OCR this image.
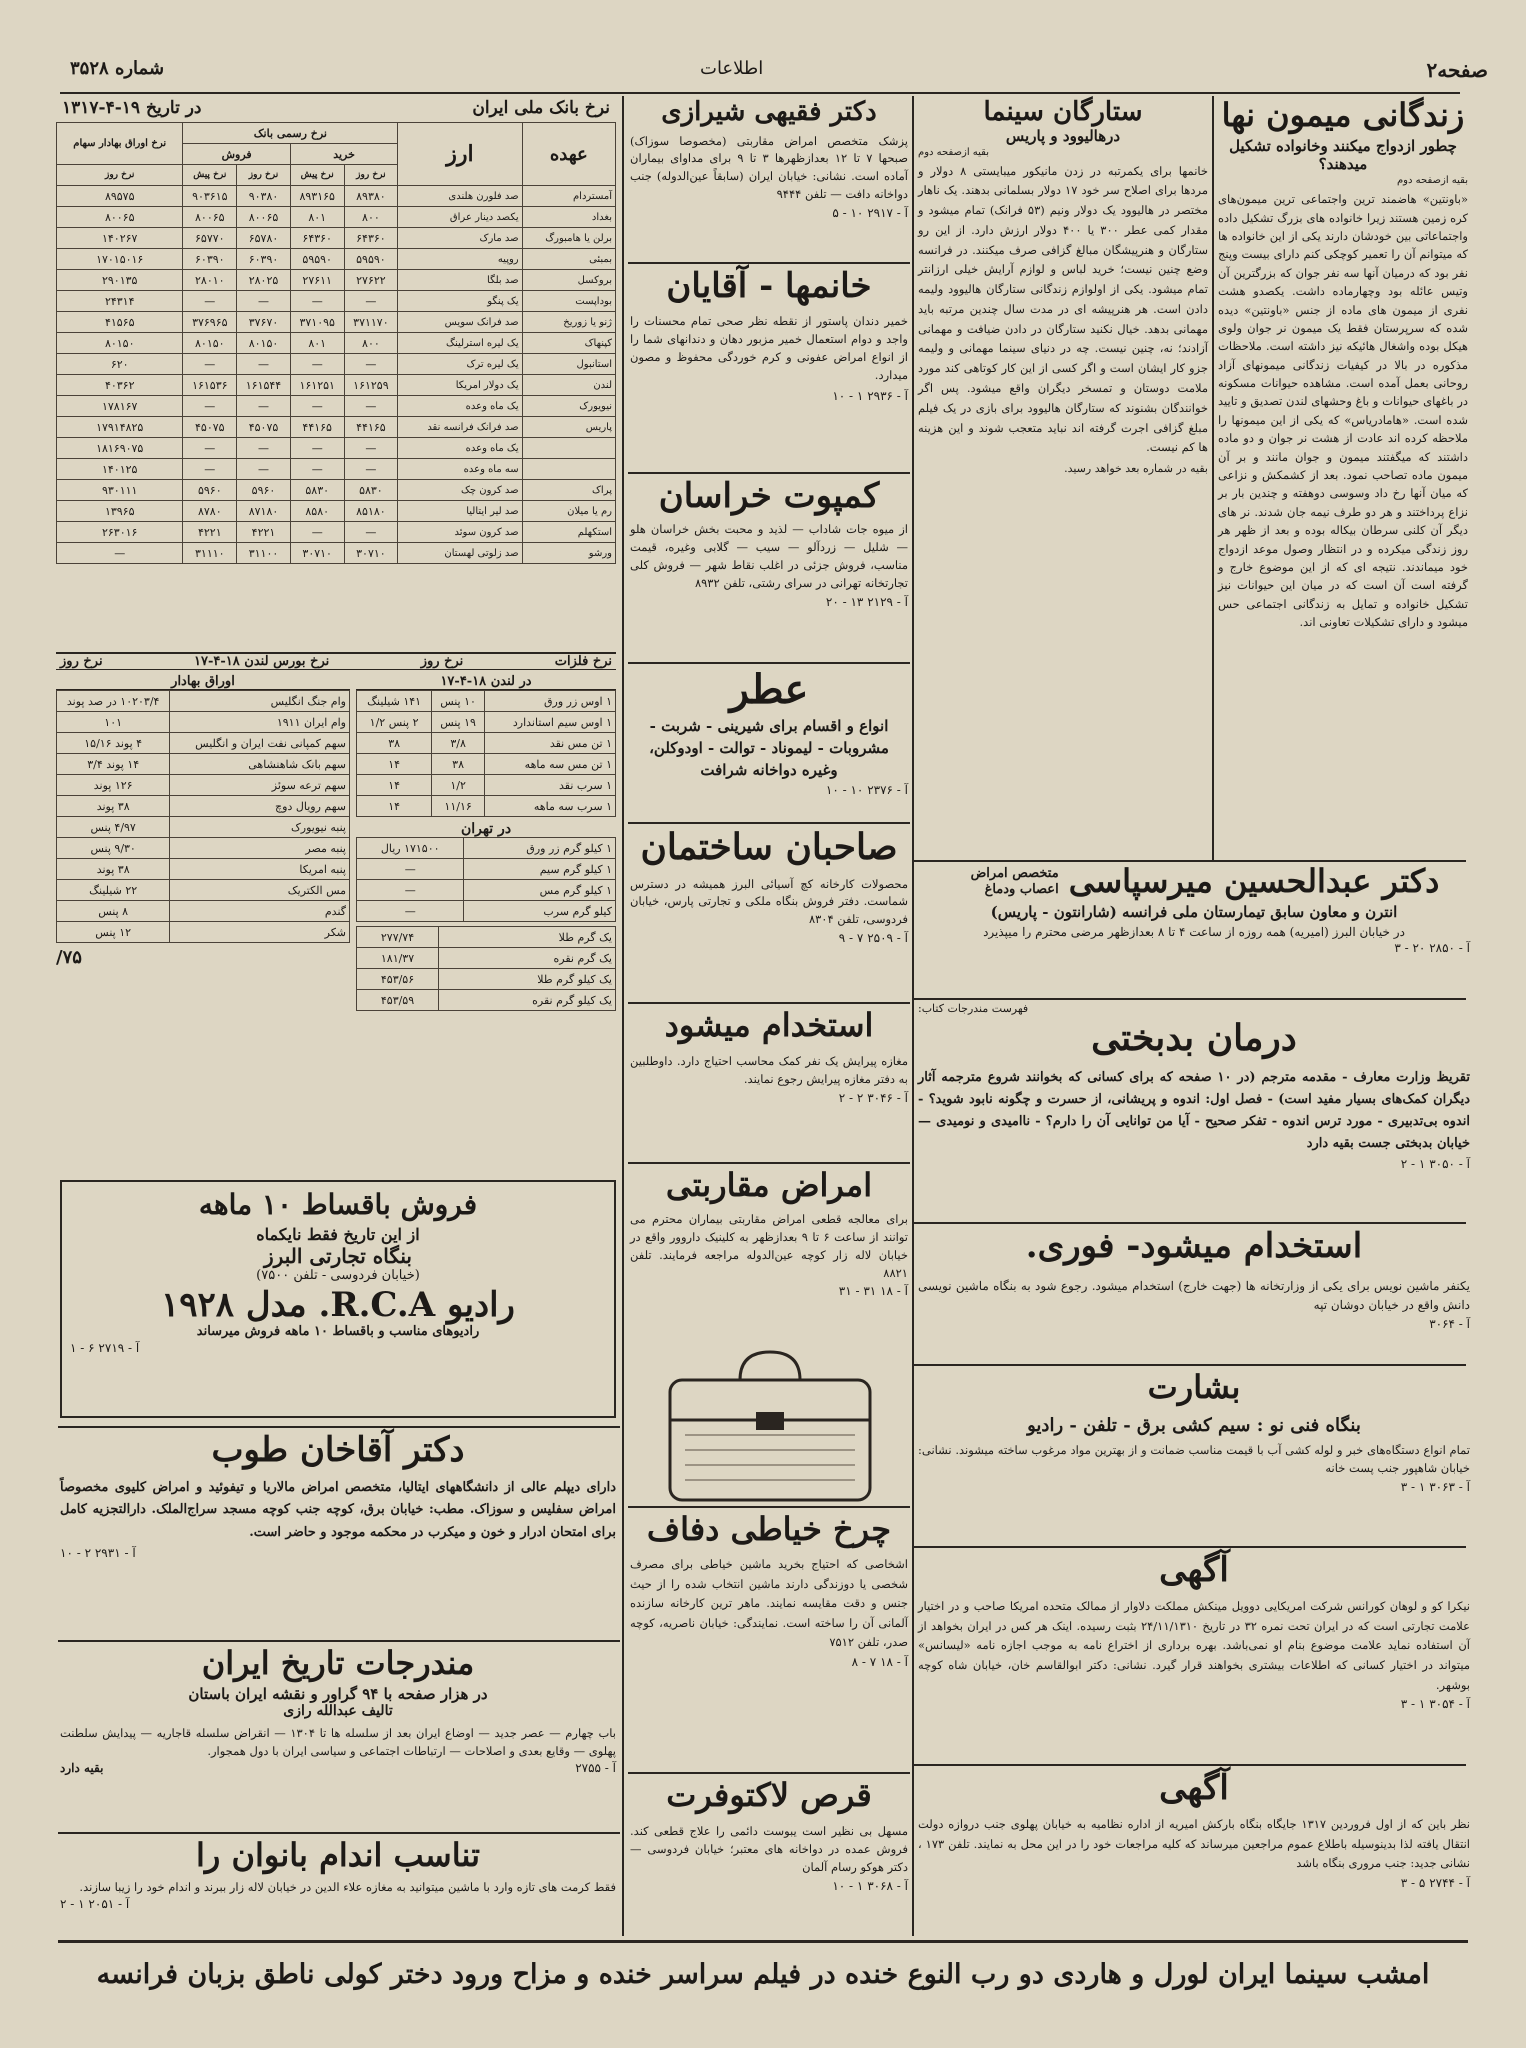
صفحه۲
اطلاعات
شماره ۳۵۲۸
زندگانی میمون نها
چطور ازدواج میکنند وخانواده تشکیل میدهند؟
بقیه ازصفحه دوم
«باونتین» هاضمند ترین واجتماعی ترین میمون‌های کره زمین هستند زیرا خانواده های بزرگ تشکیل داده واجتماعاتی بین خودشان دارند یکی از این خانواده ها که میتوانم آن را تعمیر کوچکی کنم دارای بیست وپنج نفر بود که درمیان آنها سه نفر جوان که بزرگترین آن وتیس عائله بود وچهارماده داشت. یکصدو هشت نفری از میمون های ماده از جنس «باونتین» دیده شده که سرپرستان فقط یک میمون نر جوان ولوی هیکل بوده واشغال هائیکه نیز داشته است. ملاحظات مذکوره در بالا در کیفیات زندگانی میمونهای آزاد روحانی بعمل آمده است. مشاهده حیوانات مسکونه در باغهای حیوانات و باغ وحشهای لندن تصدیق و تایید شده است. «هامادریاس» که یکی از این میمونها را ملاحظه کرده اند عادت از هشت نر جوان و دو ماده داشتند که میگفتند میمون و جوان مانند و بر آن میمون ماده تصاحب نمود. بعد از کشمکش و نزاعی که میان آنها رخ داد وسوسی دوهفته و چندین بار بر نزاع پرداختند و هر دو طرف نیمه جان شدند. نر های دیگر آن کلنی سرطان بیکاله بوده و بعد از ظهر هر روز زندگی میکرده و در انتظار وصول موعد ازدواج خود میماندند. نتیجه ای که از این موضوع خارج و گرفته است آن است که در میان این حیوانات نیز تشکیل خانواده و تمایل به زندگانی اجتماعی حس میشود و دارای تشکیلات تعاونی اند.
ستارگان سینما
درهالیوود و پاریس
بقیه ازصفحه دوم
خانمها برای یکمرتبه در زدن مانیکور میبایستی ۸ دولار و مردها برای اصلاح سر خود ۱۷ دولار بسلمانی بدهند. یک ناهار مختصر در هالیوود یک دولار ونیم (۵۳ فرانک) تمام میشود و مقدار کمی عطر ۳۰۰ یا ۴۰۰ دولار ارزش دارد. از این رو ستارگان و هنرپیشگان مبالغ گزافی صرف میکنند. در فرانسه وضع چنین نیست؛ خرید لباس و لوازم آرایش خیلی ارزانتر تمام میشود. یکی از اولوازم زندگانی ستارگان هالیوود ولیمه دادن است. هر هنرپیشه ای در مدت سال چندین مرتبه باید مهمانی بدهد. خیال نکنید ستارگان در دادن ضیافت و مهمانی آزادند؛ نه، چنین نیست. چه در دنیای سینما مهمانی و ولیمه جزو کار ایشان است و اگر کسی از این کار کوتاهی کند مورد ملامت دوستان و تمسخر دیگران واقع میشود. پس اگر خوانندگان بشنوند که ستارگان هالیوود برای بازی در یک فیلم مبلغ گزافی اجرت گرفته اند نباید متعجب شوند و این هزینه ها کم نیست.
بقیه در شماره بعد خواهد رسید.
دکتر فقیهی شیرازی
پزشک متخصص امراض مقاربتی (مخصوصا سوزاک) صبحها ۷ تا ۱۲ بعدازظهرها ۳ تا ۹ برای مداوای بیماران آماده است. نشانی: خیابان ایران (سابقاً عین‌الدوله) جنب دواخانه دافت — تلفن ۹۴۴۴
آ - ۲۹۱۷ ۱۰ - ۵
خانمها - آقایان
خمیر دندان پاستور از نقطه نظر صحی تمام محسنات را واجد و دوام استعمال خمیر مزبور دهان و دندانهای شما را از انواع امراض عفونی و کرم خوردگی محفوظ و مصون میدارد.
آ - ۲۹۳۶ ۱ - ۱۰
کمپوت خراسان
از میوه جات شاداب — لذید و محبت بخش خراسان هلو — شلیل — زردآلو — سیب — گلابی وغیره، قیمت مناسب، فروش جزئی در اغلب نقاط شهر — فروش کلی تجارتخانه تهرانی در سرای رشتی، تلفن ۸۹۳۲
آ - ۲۱۲۹ ۱۳ - ۲۰
عطر
انواع و اقسام برای شیرینی - شربت - مشروبات - لیموناد - توالت - اودوکلن، وغیره دواخانه شرافت
آ - ۲۳۷۶ ۱۰ - ۱۰
صاحبان ساختمان
محصولات کارخانه کچ آسیائی البرز همیشه در دسترس شماست. دفتر فروش بنگاه ملکی و تجارتی پارس، خیابان فردوسی، تلفن ۸۳۰۴
آ - ۲۵۰۹ ۷ - ۹
استخدام میشود
مغازه پیرایش یک نفر کمک محاسب احتیاج دارد. داوطلبین به دفتر مغازه پیرایش رجوع نمایند.
آ - ۳۰۴۶ ۲ - ۲
امراض مقاربتی
برای معالجه قطعی امراض مقاربتی بیماران محترم می توانند از ساعت ۶ تا ۹ بعدازظهر به کلینیک داروور واقع در خیابان لاله زار کوچه عین‌الدوله مراجعه فرمایند. تلفن ۸۸۲۱
آ - ۱۸ ۳۱ - ۳۱
چرخ خیاطی دفاف
اشخاصی که احتیاج بخرید ماشین خیاطی برای مصرف شخصی یا دوزندگی دارند ماشین انتخاب شده را از حیث جنس و دقت مقایسه نمایند. ماهر ترین کارخانه سازنده آلمانی آن را ساخته است. نمایندگی: خیابان ناصریه، کوچه صدر، تلفن ۷۵۱۲
آ - ۱۸ ۷ - ۸
قرص لاکتوفرت
مسهل بی نظیر است یبوست دائمی را علاج قطعی کند. فروش عمده در دواخانه های معتبر؛ خیابان فردوسی — دکتر هوکو رسام آلمان
آ - ۳۰۶۸ ۱ - ۱۰
دکتر عبدالحسین میرسپاسی
متخصص امراض اعصاب ودماغ
انترن و معاون سابق تیمارستان ملی فرانسه (شارانتون - پاریس)
در خیابان البرز (امیریه) همه روزه از ساعت ۴ تا ۸ بعدازظهر مرضی محترم را میپذیرد
آ - ۲۸۵۰ ۲۰ - ۳
فهرست مندرجات کتاب:
درمان بدبختی
تقریظ وزارت معارف - مقدمه مترجم (در ۱۰ صفحه که برای کسانی که بخوانند شروع مترجمه آثار دیگران کمک‌های بسیار مفید است) - فصل اول: اندوه و پریشانی، از حسرت و چگونه نابود شوید؟ - اندوه بی‌تدبیری - مورد ترس اندوه - تفکر صحیح - آیا من توانایی آن را دارم؟ - ناامیدی و نومیدی — خیابان بدبختی جست بقیه دارد
آ - ۳۰۵۰ ۱ - ۲
استخدام میشود- فوری.
یکنفر ماشین نویس برای یکی از وزارتخانه ها (جهت خارج) استخدام میشود. رجوع شود به بنگاه ماشین نویسی دانش واقع در خیابان دوشان تپه
آ - ۳۰۶۴
بشارت
بنگاه فنی نو : سیم کشی برق - تلفن - رادیو
تمام انواع دستگاه‌های خبر و لوله کشی آب با قیمت مناسب ضمانت و از بهترین مواد مرغوب ساخته میشوند. نشانی: خیابان شاهپور جنب پست خانه
آ - ۳۰۶۳ ۱ - ۳
آگهی
نیکرا کو و لوهان کورانس شرکت امریکایی دوویل مینکش مملکت دلاوار از ممالک متحده امریکا صاحب و در اختیار علامت تجارتی است که در ایران تحت نمره ۳۲ در تاریخ ۲۴/۱۱/۱۳۱۰ بثبت رسیده. اینک هر کس در ایران بخواهد از آن استفاده نماید علامت موضوع بنام او نمی‌باشد. بهره برداری از اختراع نامه به موجب اجازه نامه «لیسانس» میتواند در اختیار کسانی که اطلاعات بیشتری بخواهند قرار گیرد. نشانی: دکتر ابوالقاسم خان، خیابان شاه کوچه بوشهر.
آ - ۳۰۵۴ ۱ - ۳
آگهی
نظر باین که از اول فروردین ۱۳۱۷ جایگاه بنگاه بارکش امیریه از اداره نظامیه به خیابان پهلوی جنب دروازه دولت انتقال یافته لذا بدینوسیله باطلاع عموم مراجعین میرساند که کلیه مراجعات خود را در این محل به نمایند. تلفن ۱۷۳ ، نشانی جدید: جنب مروری بنگاه باشد
آ - ۲۷۴۴ ۵ - ۳
نرخ بانک ملی ایران
در تاریخ ۱۹-۴-۱۳۱۷
عهده	ارز	نرخ رسمی بانک				نرخ اوراق بهادار سهام
		خرید		فروش		
		نرخ روز	نرخ پیش	نرخ روز	نرخ پیش	نرخ روز
آمستردام	صد فلورن هلندی	۸۹۳۸۰	۸۹۳۱۶۵	۹۰۳۸۰	۹۰۳۶۱۵	۸۹۵۷۵
بغداد	یکصد دینار عراق	۸۰۰	۸۰۱	۸۰۰۶۵	۸۰۰۶۵	۸۰۰۶۵
برلن یا هامبورگ	صد مارک	۶۴۳۶۰	۶۴۳۶۰	۶۵۷۸۰	۶۵۷۷۰	۱۴۰۲۶۷
بمبئی	روپیه	۵۹۵۹۰	۵۹۵۹۰	۶۰۳۹۰	۶۰۳۹۰	۱۷۰۱۵۰۱۶
بروکسل	صد بلگا	۲۷۶۲۲	۲۷۶۱۱	۲۸۰۲۵	۲۸۰۱۰	۲۹۰۱۳۵
بوداپست	یک پنگو	—	—	—	—	۲۴۳۱۴
ژنو یا زوریخ	صد فرانک سویس	۳۷۱۱۷۰	۳۷۱۰۹۵	۳۷۶۷۰	۳۷۶۹۶۵	۴۱۵۶۵
کپنهاک	یک لیره استرلینگ	۸۰۰	۸۰۱	۸۰۱۵۰	۸۰۱۵۰	۸۰۱۵۰
استانبول	یک لیره ترک	—	—	—	—	۶۲۰
لندن	یک دولار امریکا	۱۶۱۲۵۹	۱۶۱۲۵۱	۱۶۱۵۴۴	۱۶۱۵۳۶	۴۰۳۶۲
نیویورک	یک ماه وعده	—	—	—	—	۱۷۸۱۶۷
پاریس	صد فرانک فرانسه نقد	۴۴۱۶۵	۴۴۱۶۵	۴۵۰۷۵	۴۵۰۷۵	۱۷۹۱۴۸۲۵
	یک ماه وعده	—	—	—	—	۱۸۱۶۹۰۷۵
	سه ماه وعده	—	—	—	—	۱۴۰۱۲۵
پراک	صد کرون چک	۵۸۳۰	۵۸۳۰	۵۹۶۰	۵۹۶۰	۹۳۰۱۱۱
رم یا میلان	صد لیر ایتالیا	۸۵۱۸۰	۸۵۸۰	۸۷۱۸۰	۸۷۸۰	۱۳۹۶۵
استکهلم	صد کرون سوئد	—	—	۴۲۲۱	۴۲۲۱	۲۶۳۰۱۶
ورشو	صد زلوتی لهستان	۳۰۷۱۰	۳۰۷۱۰	۳۱۱۰۰	۳۱۱۱۰	—
نرخ فلزات
نرخ روز
نرخ بورس لندن ۱۸-۴-۱۷
نرخ روز
در لندن ۱۸-۴-۱۷
۱ اوس زر ورق	۱۰ پنس	۱۴۱ شیلینگ
۱ اوس سیم استاندارد	۱۹ پنس	۲ پنس ۱/۲
۱ تن مس نقد	۳/۸	۳۸
۱ تن مس سه ماهه	۳۸	۱۴
۱ سرب نقد	۱/۲	۱۴
۱ سرب سه ماهه	۱۱/۱۶	۱۴
در تهران
۱ کیلو گرم زر ورق	۱۷۱۵۰۰ ریال
۱ کیلو گرم سیم	—
۱ کیلو گرم مس	—
کیلو گرم سرب	—
یک گرم طلا	۲۷۷/۷۴
یک گرم نقره	۱۸۱/۳۷
یک کیلو گرم طلا	۴۵۳/۵۶
یک کیلو گرم نقره	۴۵۳/۵۹
اوراق بهادار
وام جنگ انگلیس	۱۰۲۰۳/۴ در صد پوند
وام ایران ۱۹۱۱	۱۰۱
سهم کمپانی نفت ایران و انگلیس	۴ پوند ۱۵/۱۶
سهم بانک شاهنشاهی	۱۴ پوند ۳/۴
سهم ترعه سوئز	۱۲۶ پوند
سهم رویال دوچ	۳۸ پوند
پنبه نیویورک	۴/۹۷ پنس
پنبه مصر	۹/۳۰ پنس
پنبه امریکا	۳۸ پوند
مس الکتریک	۲۲ شیلینگ
گندم	۸ پنس
شکر	۱۲ پنس
۷۵/
فروش باقساط ۱۰ ماهه
از این تاریخ فقط نایکماه
بنگاه تجارتی البرز
(خیابان فردوسی - تلفن ۷۵۰۰)
رادیو R.C.A. مدل ۱۹۲۸
رادیوهای مناسب و باقساط ۱۰ ماهه فروش میرساند
آ - ۲۷۱۹ ۶ - ۱
دکتر آقاخان طوب
دارای دیپلم عالی از دانشگاههای ایتالیا، متخصص امراض مالاریا و تیفوئید و امراض کلیوی مخصوصاً امراض سفلیس و سوزاک. مطب: خیابان برق، کوچه جنب کوچه مسجد سراج‌الملک. دارالتجزیه کامل برای امتحان ادرار و خون و میکرب در محکمه موجود و حاضر است.
آ - ۲۹۳۱ ۲ - ۱۰
مندرجات تاریخ ایران
در هزار صفحه با ۹۴ گراور و نقشه ایران باستان
تالیف عبدالله رازی
باب چهارم — عصر جدید — اوضاع ایران بعد از سلسله ها تا ۱۳۰۴ — انقراض سلسله قاجاریه — پیدایش سلطنت پهلوی — وقایع بعدی و اصلاحات — ارتباطات اجتماعی و سیاسی ایران با دول همجوار.
آ - ۲۷۵۵
بقیه دارد
تناسب اندام بانوان را
فقط کرمت های تازه وارد با ماشین میتوانید به مغازه علاء الدین در خیابان لاله زار ببرند و اندام خود را زیبا سازند.
آ - ۲۰۵۱ ۱ - ۲
امشب سینما ایران لورل و هاردی دو رب النوع خنده در فیلم سراسر خنده و مزاح ورود دختر کولی ناطق بزبان فرانسه
